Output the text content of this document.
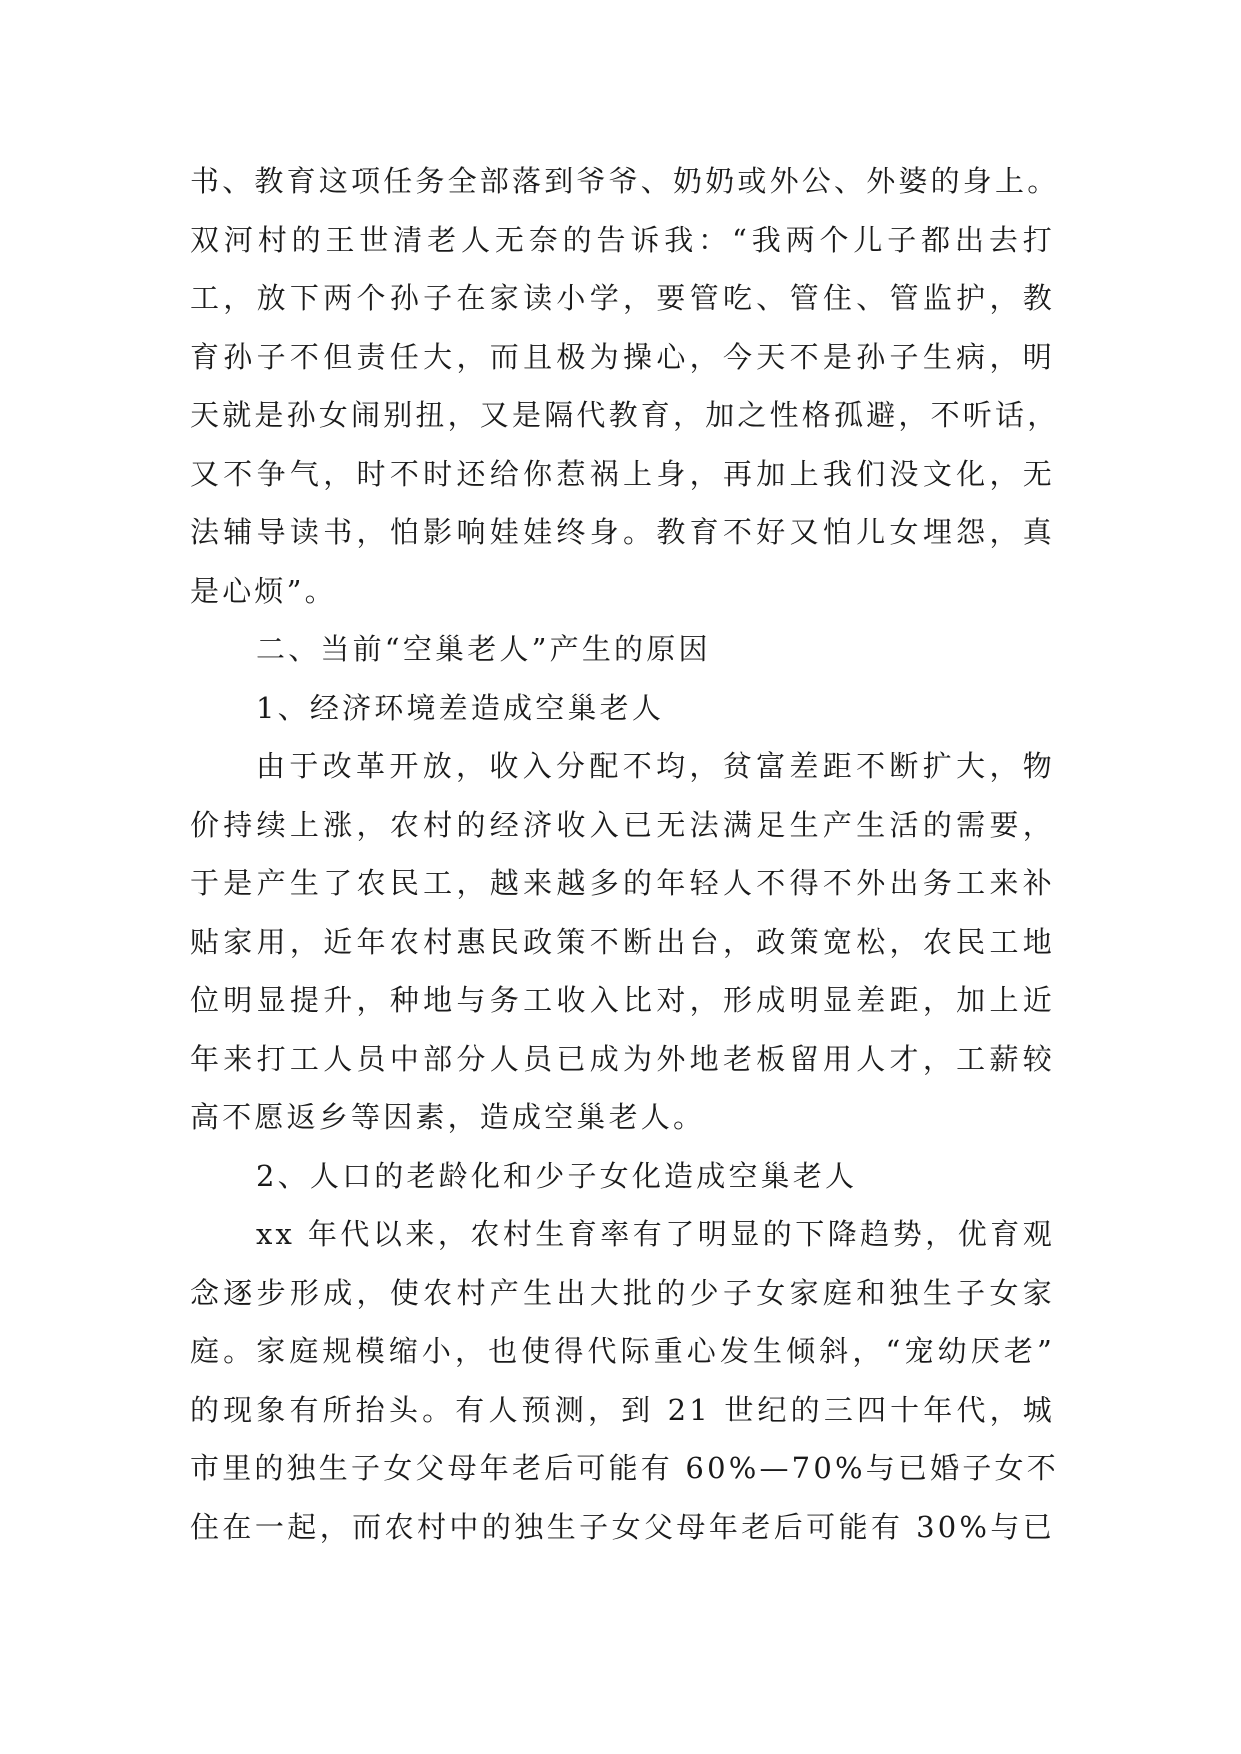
书、教育这项任务全部落到爷爷、奶奶或外公、外婆的身上。
双河村的王世清老人无奈的告诉我：“我两个儿子都出去打
工，放下两个孙子在家读小学，要管吃、管住、管监护，教
育孙子不但责任大，而且极为操心，今天不是孙子生病，明
天就是孙女闹别扭，又是隔代教育，加之性格孤避，不听话，
又不争气，时不时还给你惹祸上身，再加上我们没文化，无
法辅导读书，怕影响娃娃终身。教育不好又怕儿女埋怨，真
是心烦”。
二、当前“空巢老人”产生的原因
1、经济环境差造成空巢老人
由于改革开放，收入分配不均，贫富差距不断扩大，物
价持续上涨，农村的经济收入已无法满足生产生活的需要，
于是产生了农民工，越来越多的年轻人不得不外出务工来补
贴家用，近年农村惠民政策不断出台，政策宽松，农民工地
位明显提升，种地与务工收入比对，形成明显差距，加上近
年来打工人员中部分人员已成为外地老板留用人才，工薪较
高不愿返乡等因素，造成空巢老人。
2、人口的老龄化和少子女化造成空巢老人
xx 年代以来，农村生育率有了明显的下降趋势，优育观
念逐步形成，使农村产生出大批的少子女家庭和独生子女家
庭。家庭规模缩小，也使得代际重心发生倾斜，“宠幼厌老”
的现象有所抬头。有人预测，到 21 世纪的三四十年代，城
市里的独生子女父母年老后可能有 60%—70%与已婚子女不
住在一起，而农村中的独生子女父母年老后可能有 30%与已
